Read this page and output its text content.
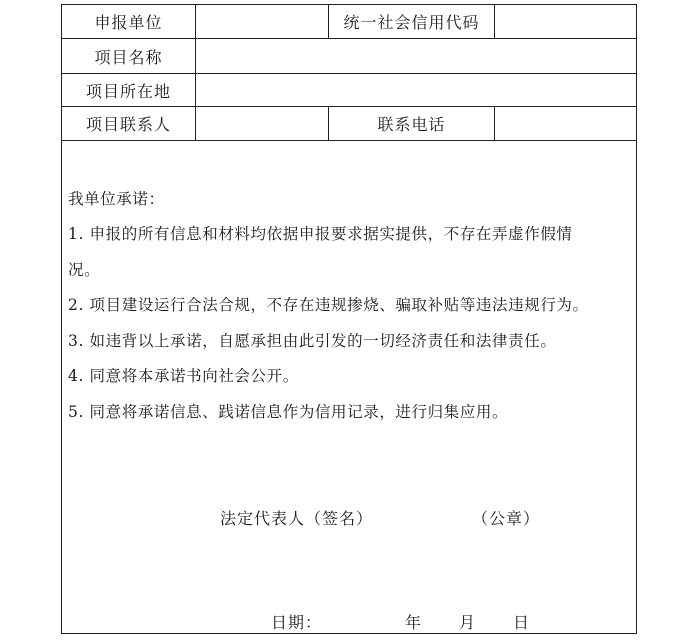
申报单位	统一社会信用代码
项目名称
项目所在地
项目联系人	联系电话
我单位承诺：
1. 申报的所有信息和材料均依据申报要求据实提供，不存在弄虚作假情
况。
2. 项目建设运行合法合规，不存在违规掺烧、骗取补贴等违法违规行为。
3. 如违背以上承诺，自愿承担由此引发的一切经济责任和法律责任。
4. 同意将本承诺书向社会公开。
5. 同意将承诺信息、践诺信息作为信用记录，进行归集应用。
法定代表人（签名）	（公章）
日期：	年 月 日
